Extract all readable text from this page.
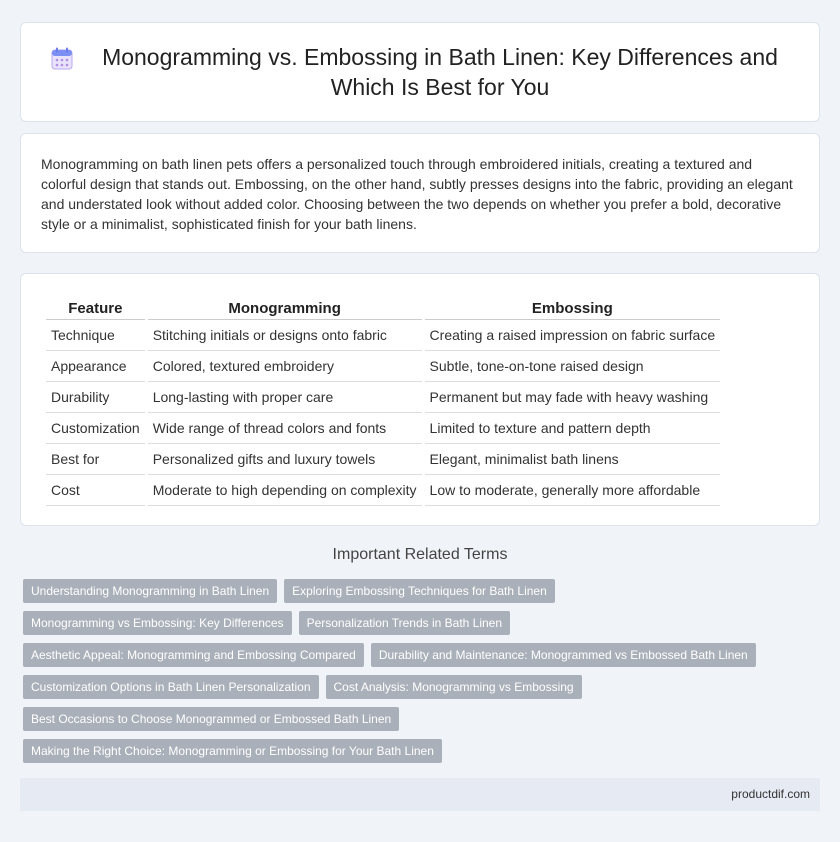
Monogramming vs. Embossing in Bath Linen: Key Differences and Which Is Best for You

Monogramming on bath linen pets offers a personalized touch through embroidered initials, creating a textured and colorful design that stands out. Embossing, on the other hand, subtly presses designs into the fabric, providing an elegant and understated look without added color. Choosing between the two depends on whether you prefer a bold, decorative style or a minimalist, sophisticated finish for your bath linens.

Feature	Monogramming	Embossing
Technique	Stitching initials or designs onto fabric	Creating a raised impression on fabric surface
Appearance	Colored, textured embroidery	Subtle, tone-on-tone raised design
Durability	Long-lasting with proper care	Permanent but may fade with heavy washing
Customization	Wide range of thread colors and fonts	Limited to texture and pattern depth
Best for	Personalized gifts and luxury towels	Elegant, minimalist bath linens
Cost	Moderate to high depending on complexity	Low to moderate, generally more affordable
Important Related Terms
Understanding Monogramming in Bath Linen	Exploring Embossing Techniques for Bath Linen
Monogramming vs Embossing: Key Differences	Personalization Trends in Bath Linen
Aesthetic Appeal: Monogramming and Embossing Compared	Durability and Maintenance: Monogrammed vs Embossed Bath Linen
Customization Options in Bath Linen Personalization	Cost Analysis: Monogramming vs Embossing
Best Occasions to Choose Monogrammed or Embossed Bath Linen
Making the Right Choice: Monogramming or Embossing for Your Bath Linen
productdif.com
